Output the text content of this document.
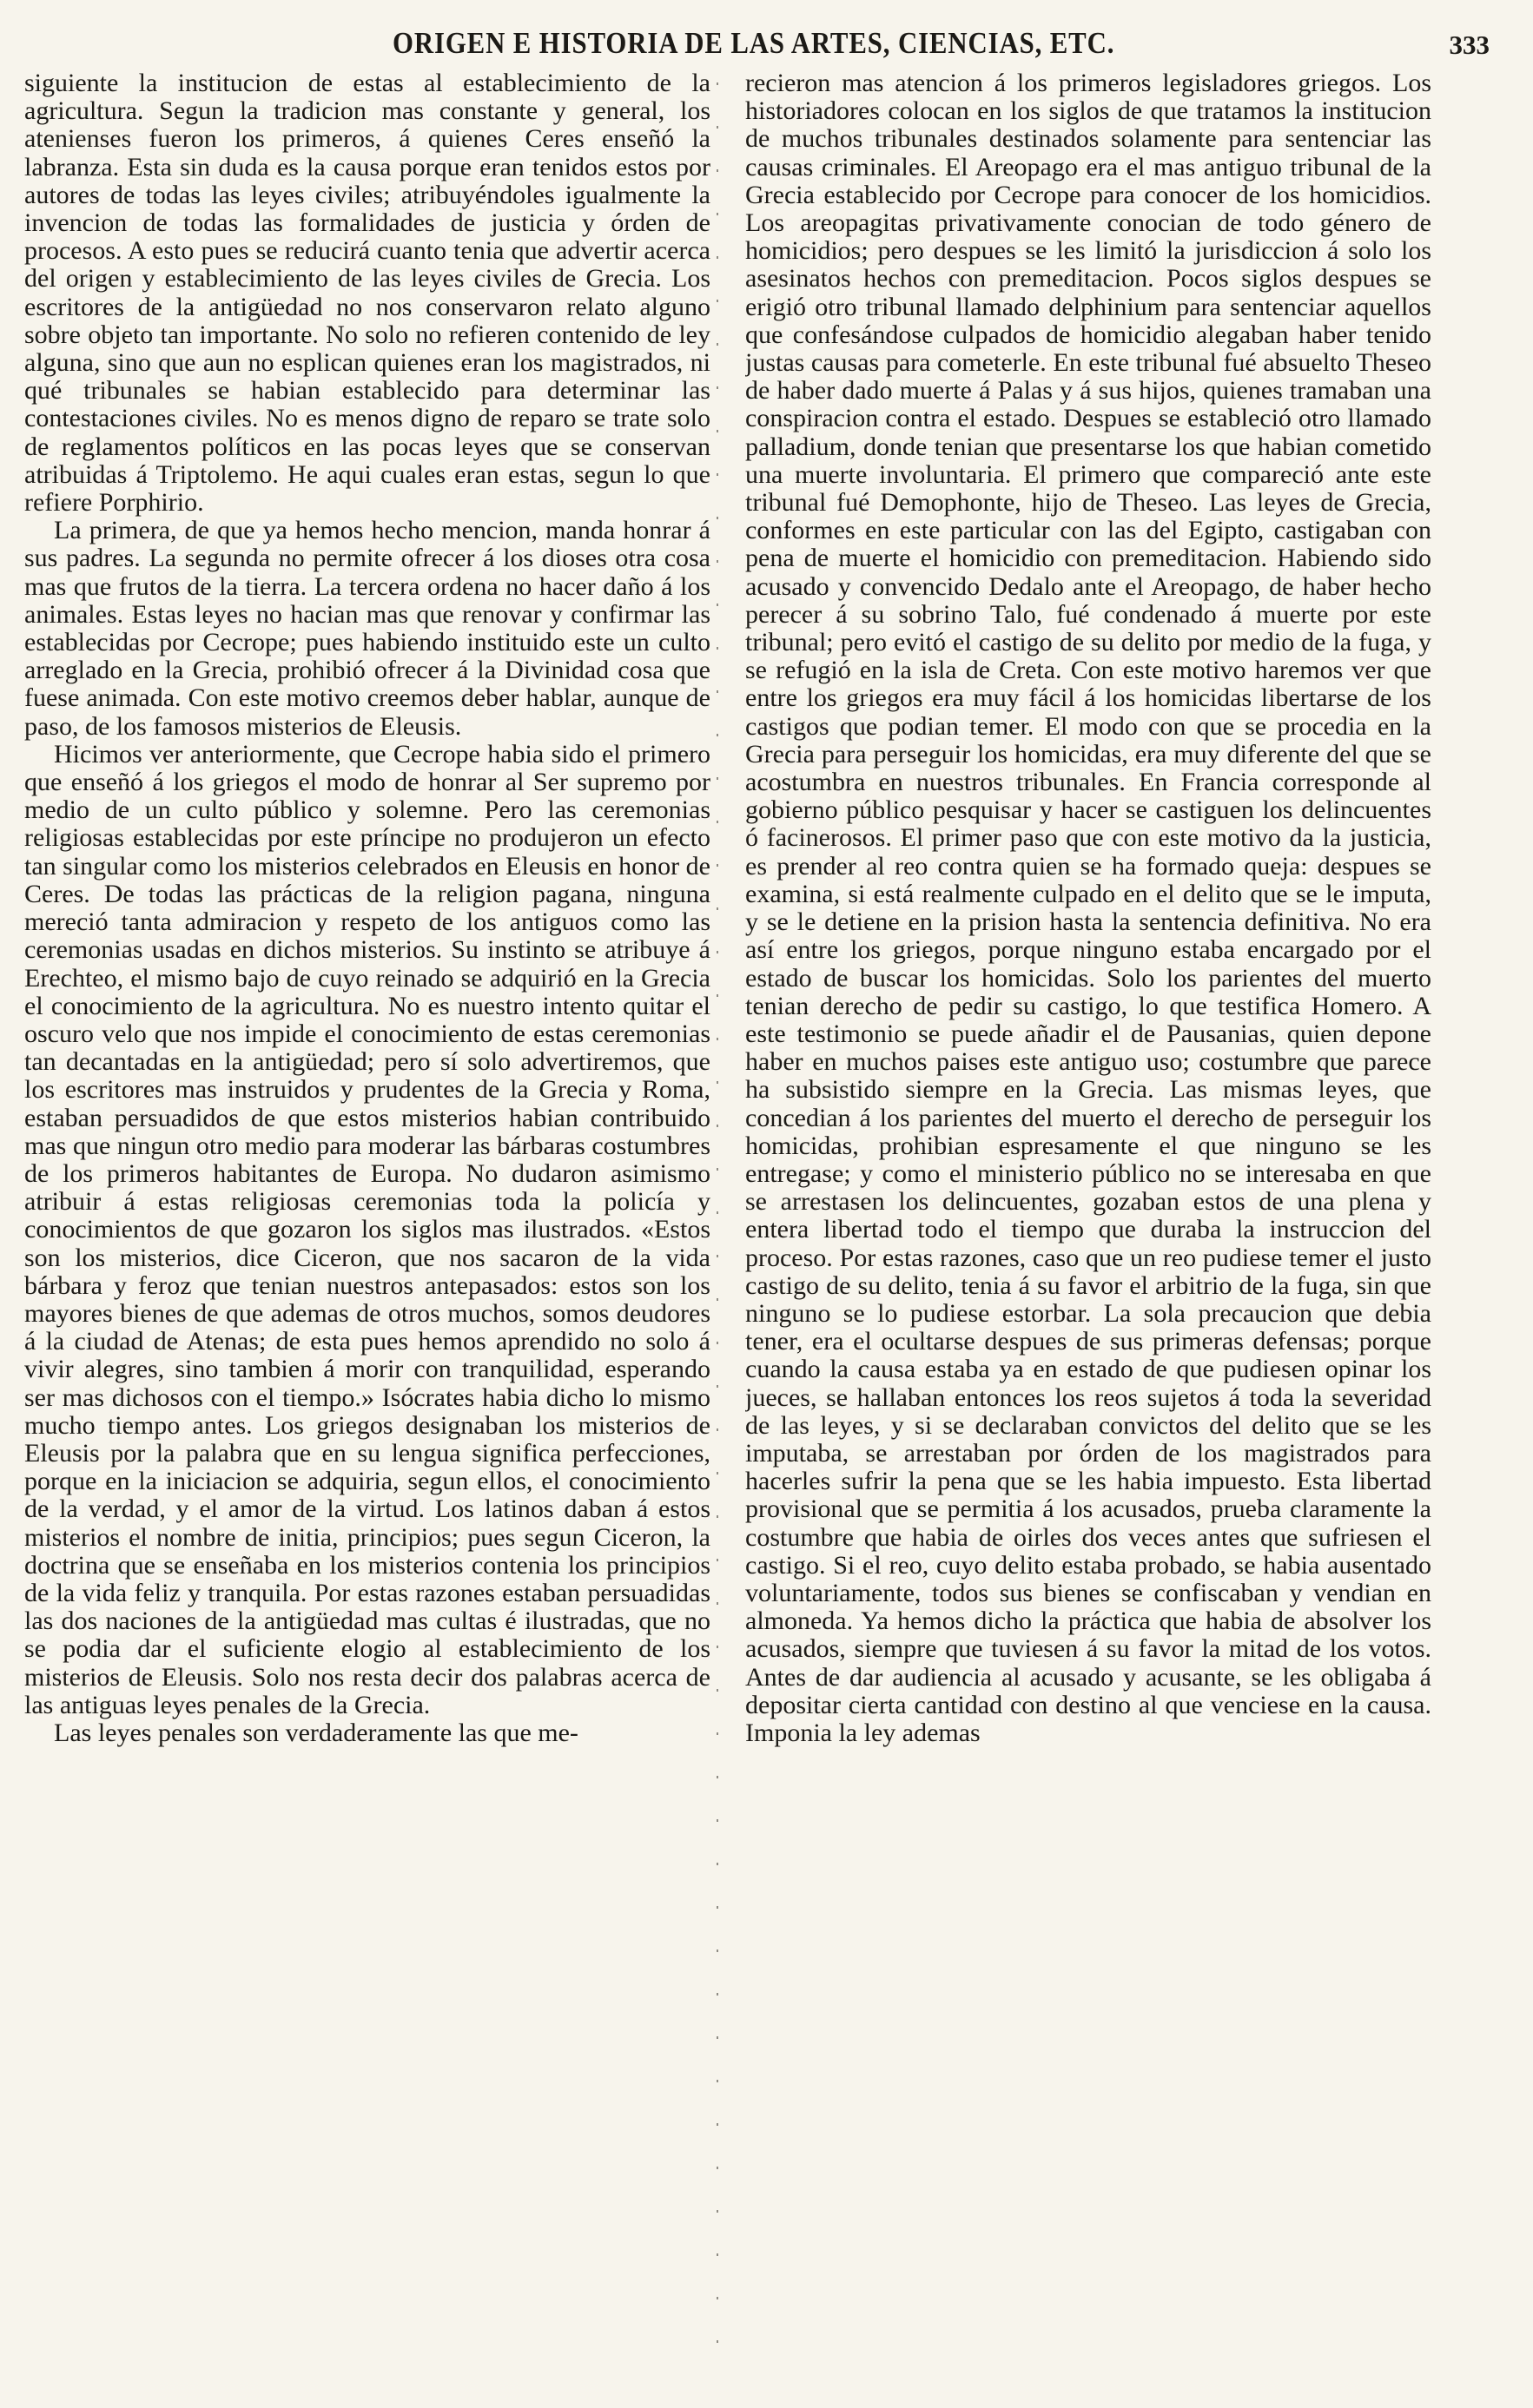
ORIGEN E HISTORIA DE LAS ARTES, CIENCIAS, ETC.	333

siguiente la institucion de estas al establecimiento de la agricultura. Segun la tradicion mas constante y general, los atenienses fueron los primeros, á quienes Ceres enseñó la labranza. Esta sin duda es la causa porque eran tenidos estos por autores de todas las leyes civiles; atribuyéndoles igualmente la invencion de todas las formalidades de justicia y órden de procesos. A esto pues se reducirá cuanto tenia que advertir acerca del origen y establecimiento de las leyes civiles de Grecia. Los escritores de la antigüedad no nos conservaron relato alguno sobre objeto tan importante. No solo no refieren contenido de ley alguna, sino que aun no esplican quienes eran los magistrados, ni qué tribunales se habian establecido para determinar las contestaciones civiles. No es menos digno de reparo se trate solo de reglamentos políticos en las pocas leyes que se conservan atribuidas á Triptolemo. He aqui cuales eran estas, segun lo que refiere Porphirio.

La primera, de que ya hemos hecho mencion, manda honrar á sus padres. La segunda no permite ofrecer á los dioses otra cosa mas que frutos de la tierra. La tercera ordena no hacer daño á los animales. Estas leyes no hacian mas que renovar y confirmar las establecidas por Cecrope; pues habiendo instituido este un culto arreglado en la Grecia, prohibió ofrecer á la Divinidad cosa que fuese animada. Con este motivo creemos deber hablar, aunque de paso, de los famosos misterios de Eleusis.

Hicimos ver anteriormente, que Cecrope habia sido el primero que enseñó á los griegos el modo de honrar al Ser supremo por medio de un culto público y solemne. Pero las ceremonias religiosas establecidas por este príncipe no produjeron un efecto tan singular como los misterios celebrados en Eleusis en honor de Ceres. De todas las prácticas de la religion pagana, ninguna mereció tanta admiracion y respeto de los antiguos como las ceremonias usadas en dichos misterios. Su instinto se atribuye á Erechteo, el mismo bajo de cuyo reinado se adquirió en la Grecia el conocimiento de la agricultura. No es nuestro intento quitar el oscuro velo que nos impide el conocimiento de estas ceremonias tan decantadas en la antigüedad; pero sí solo advertiremos, que los escritores mas instruidos y prudentes de la Grecia y Roma, estaban persuadidos de que estos misterios habian contribuido mas que ningun otro medio para moderar las bárbaras costumbres de los primeros habitantes de Europa. No dudaron asimismo atribuir á estas religiosas ceremonias toda la policía y conocimientos de que gozaron los siglos mas ilustrados. «Estos son los misterios, dice Ciceron, que nos sacaron de la vida bárbara y feroz que tenian nuestros antepasados: estos son los mayores bienes de que ademas de otros muchos, somos deudores á la ciudad de Atenas; de esta pues hemos aprendido no solo á vivir alegres, sino tambien á morir con tranquilidad, esperando ser mas dichosos con el tiempo.» Isócrates habia dicho lo mismo mucho tiempo antes. Los griegos designaban los misterios de Eleusis por la palabra que en su lengua significa perfecciones, porque en la iniciacion se adquiria, segun ellos, el conocimiento de la verdad, y el amor de la virtud. Los latinos daban á estos misterios el nombre de initia, principios; pues segun Ciceron, la doctrina que se enseñaba en los misterios contenia los principios de la vida feliz y tranquila. Por estas razones estaban persuadidas las dos naciones de la antigüedad mas cultas é ilustradas, que no se podia dar el suficiente elogio al establecimiento de los misterios de Eleusis. Solo nos resta decir dos palabras acerca de las antiguas leyes penales de la Grecia.

Las leyes penales son verdaderamente las que me-

recieron mas atencion á los primeros legisladores griegos. Los historiadores colocan en los siglos de que tratamos la institucion de muchos tribunales destinados solamente para sentenciar las causas criminales. El Areopago era el mas antiguo tribunal de la Grecia establecido por Cecrope para conocer de los homicidios. Los areopagitas privativamente conocian de todo género de homicidios; pero despues se les limitó la jurisdiccion á solo los asesinatos hechos con premeditacion. Pocos siglos despues se erigió otro tribunal llamado delphinium para sentenciar aquellos que confesándose culpados de homicidio alegaban haber tenido justas causas para cometerle. En este tribunal fué absuelto Theseo de haber dado muerte á Palas y á sus hijos, quienes tramaban una conspiracion contra el estado. Despues se estableció otro llamado palladium, donde tenian que presentarse los que habian cometido una muerte involuntaria. El primero que compareció ante este tribunal fué Demophonte, hijo de Theseo. Las leyes de Grecia, conformes en este particular con las del Egipto, castigaban con pena de muerte el homicidio con premeditacion. Habiendo sido acusado y convencido Dedalo ante el Areopago, de haber hecho perecer á su sobrino Talo, fué condenado á muerte por este tribunal; pero evitó el castigo de su delito por medio de la fuga, y se refugió en la isla de Creta. Con este motivo haremos ver que entre los griegos era muy fácil á los homicidas libertarse de los castigos que podian temer. El modo con que se procedia en la Grecia para perseguir los homicidas, era muy diferente del que se acostumbra en nuestros tribunales. En Francia corresponde al gobierno público pesquisar y hacer se castiguen los delincuentes ó facinerosos. El primer paso que con este motivo da la justicia, es prender al reo contra quien se ha formado queja: despues se examina, si está realmente culpado en el delito que se le imputa, y se le detiene en la prision hasta la sentencia definitiva. No era así entre los griegos, porque ninguno estaba encargado por el estado de buscar los homicidas. Solo los parientes del muerto tenian derecho de pedir su castigo, lo que testifica Homero. A este testimonio se puede añadir el de Pausanias, quien depone haber en muchos paises este antiguo uso; costumbre que parece ha subsistido siempre en la Grecia. Las mismas leyes, que concedian á los parientes del muerto el derecho de perseguir los homicidas, prohibian espresamente el que ninguno se les entregase; y como el ministerio público no se interesaba en que se arrestasen los delincuentes, gozaban estos de una plena y entera libertad todo el tiempo que duraba la instruccion del proceso. Por estas razones, caso que un reo pudiese temer el justo castigo de su delito, tenia á su favor el arbitrio de la fuga, sin que ninguno se lo pudiese estorbar. La sola precaucion que debia tener, era el ocultarse despues de sus primeras defensas; porque cuando la causa estaba ya en estado de que pudiesen opinar los jueces, se hallaban entonces los reos sujetos á toda la severidad de las leyes, y si se declaraban convictos del delito que se les imputaba, se arrestaban por órden de los magistrados para hacerles sufrir la pena que se les habia impuesto. Esta libertad provisional que se permitia á los acusados, prueba claramente la costumbre que habia de oirles dos veces antes que sufriesen el castigo. Si el reo, cuyo delito estaba probado, se habia ausentado voluntariamente, todos sus bienes se confiscaban y vendian en almoneda. Ya hemos dicho la práctica que habia de absolver los acusados, siempre que tuviesen á su favor la mitad de los votos. Antes de dar audiencia al acusado y acusante, se les obligaba á depositar cierta cantidad con destino al que venciese en la causa. Imponia la ley ademas
